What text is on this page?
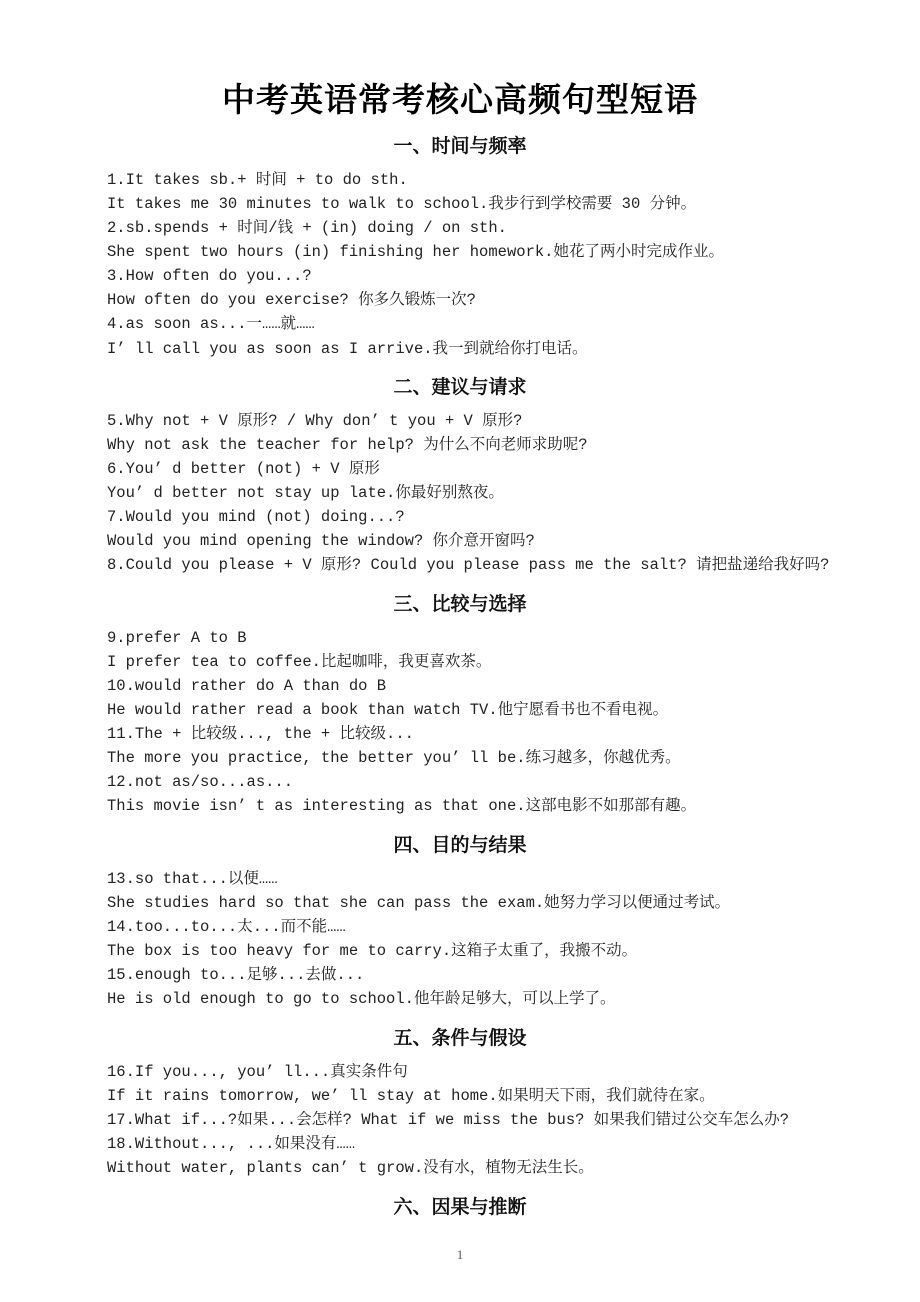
中考英语常考核心高频句型短语
一、时间与频率
1.It takes sb.+ 时间 + to do sth.
It takes me 30 minutes to walk to school.我步行到学校需要 30 分钟。
2.sb.spends + 时间/钱 + (in) doing / on sth.
She spent two hours (in) finishing her homework.她花了两小时完成作业。
3.How often do you...?
How often do you exercise? 你多久锻炼一次?
4.as soon as...一……就……
I’ ll call you as soon as I arrive.我一到就给你打电话。
二、建议与请求
5.Why not + V 原形? / Why don’ t you + V 原形?
Why not ask the teacher for help? 为什么不向老师求助呢?
6.You’ d better (not) + V 原形
You’ d better not stay up late.你最好别熬夜。
7.Would you mind (not) doing...?
Would you mind opening the window? 你介意开窗吗?
8.Could you please + V 原形? Could you please pass me the salt? 请把盐递给我好吗?
三、比较与选择
9.prefer A to B
I prefer tea to coffee.比起咖啡，我更喜欢茶。
10.would rather do A than do B
He would rather read a book than watch TV.他宁愿看书也不看电视。
11.The + 比较级..., the + 比较级...
The more you practice, the better you’ ll be.练习越多，你越优秀。
12.not as/so...as...
This movie isn’ t as interesting as that one.这部电影不如那部有趣。
四、目的与结果
13.so that...以便……
She studies hard so that she can pass the exam.她努力学习以便通过考试。
14.too...to...太...而不能……
The box is too heavy for me to carry.这箱子太重了，我搬不动。
15.enough to...足够...去做...
He is old enough to go to school.他年龄足够大，可以上学了。
五、条件与假设
16.If you..., you’ ll...真实条件句
If it rains tomorrow, we’ ll stay at home.如果明天下雨，我们就待在家。
17.What if...?如果...会怎样? What if we miss the bus? 如果我们错过公交车怎么办?
18.Without..., ...如果没有……
Without water, plants can’ t grow.没有水，植物无法生长。
六、因果与推断
1
